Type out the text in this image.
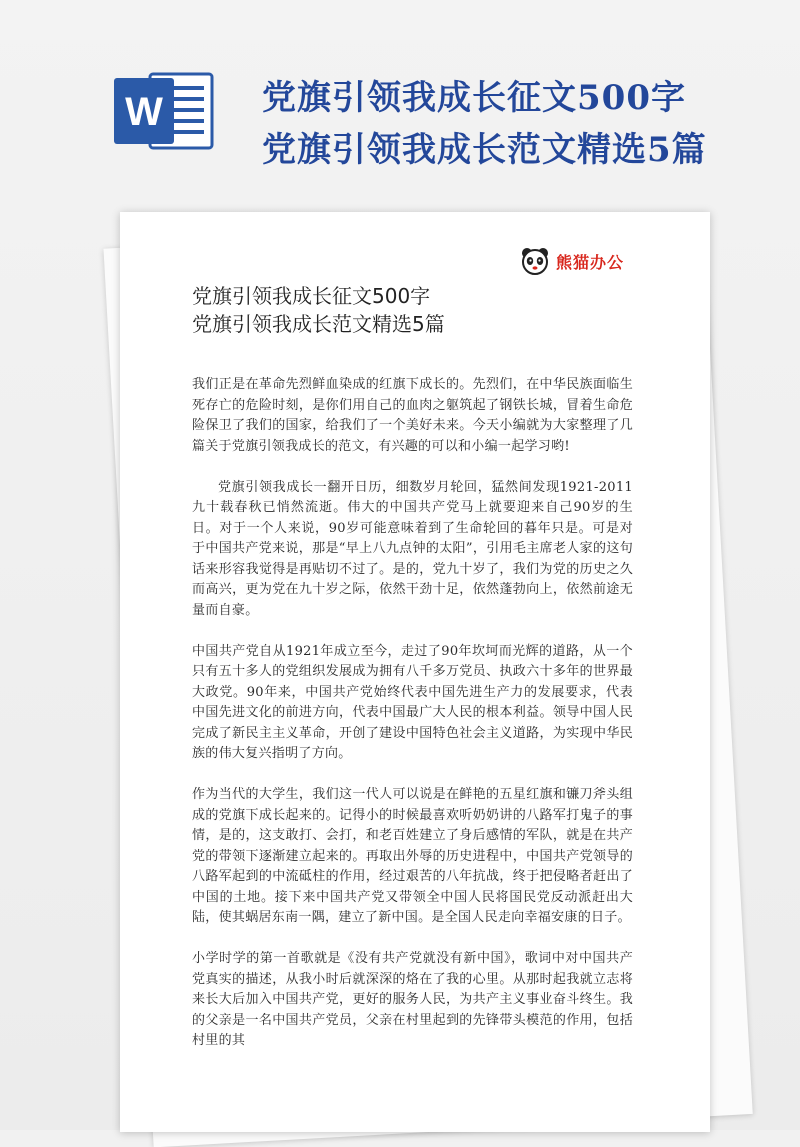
W	党旗引领我成长征文500字
党旗引领我成长范文精选5篇
熊猫办公
党旗引领我成长征文500字
党旗引领我成长范文精选5篇

我们正是在革命先烈鲜血染成的红旗下成长的。先烈们，在中华民族面临生死存亡的危险时刻，是你们用自己的血肉之躯筑起了钢铁长城，冒着生命危险保卫了我们的国家，给我们了一个美好未来。今天小编就为大家整理了几篇关于党旗引领我成长的范文，有兴趣的可以和小编一起学习哟!

党旗引领我成长一翻开日历，细数岁月轮回，猛然间发现1921-2011九十载春秋已悄然流逝。伟大的中国共产党马上就要迎来自己90岁的生日。对于一个人来说，90岁可能意味着到了生命轮回的暮年只是。可是对于中国共产党来说，那是“早上八九点钟的太阳”，引用毛主席老人家的这句话来形容我觉得是再贴切不过了。是的，党九十岁了，我们为党的历史之久而高兴，更为党在九十岁之际，依然干劲十足，依然蓬勃向上，依然前途无量而自豪。

中国共产党自从1921年成立至今，走过了90年坎坷而光辉的道路，从一个只有五十多人的党组织发展成为拥有八千多万党员、执政六十多年的世界最大政党。90年来，中国共产党始终代表中国先进生产力的发展要求，代表中国先进文化的前进方向，代表中国最广大人民的根本利益。领导中国人民完成了新民主主义革命，开创了建设中国特色社会主义道路，为实现中华民族的伟大复兴指明了方向。

作为当代的大学生，我们这一代人可以说是在鲜艳的五星红旗和镰刀斧头组成的党旗下成长起来的。记得小的时候最喜欢听奶奶讲的八路军打鬼子的事情，是的，这支敢打、会打，和老百姓建立了身后感情的军队，就是在共产党的带领下逐渐建立起来的。再取出外辱的历史进程中，中国共产党领导的八路军起到的中流砥柱的作用，经过艰苦的八年抗战，终于把侵略者赶出了中国的土地。接下来中国共产党又带领全中国人民将国民党反动派赶出大陆，使其蜗居东南一隅，建立了新中国。是全国人民走向幸福安康的日子。

小学时学的第一首歌就是《没有共产党就没有新中国》，歌词中对中国共产党真实的描述，从我小时后就深深的烙在了我的心里。从那时起我就立志将来长大后加入中国共产党，更好的服务人民，为共产主义事业奋斗终生。我的父亲是一名中国共产党员，父亲在村里起到的先锋带头模范的作用，包括村里的其
